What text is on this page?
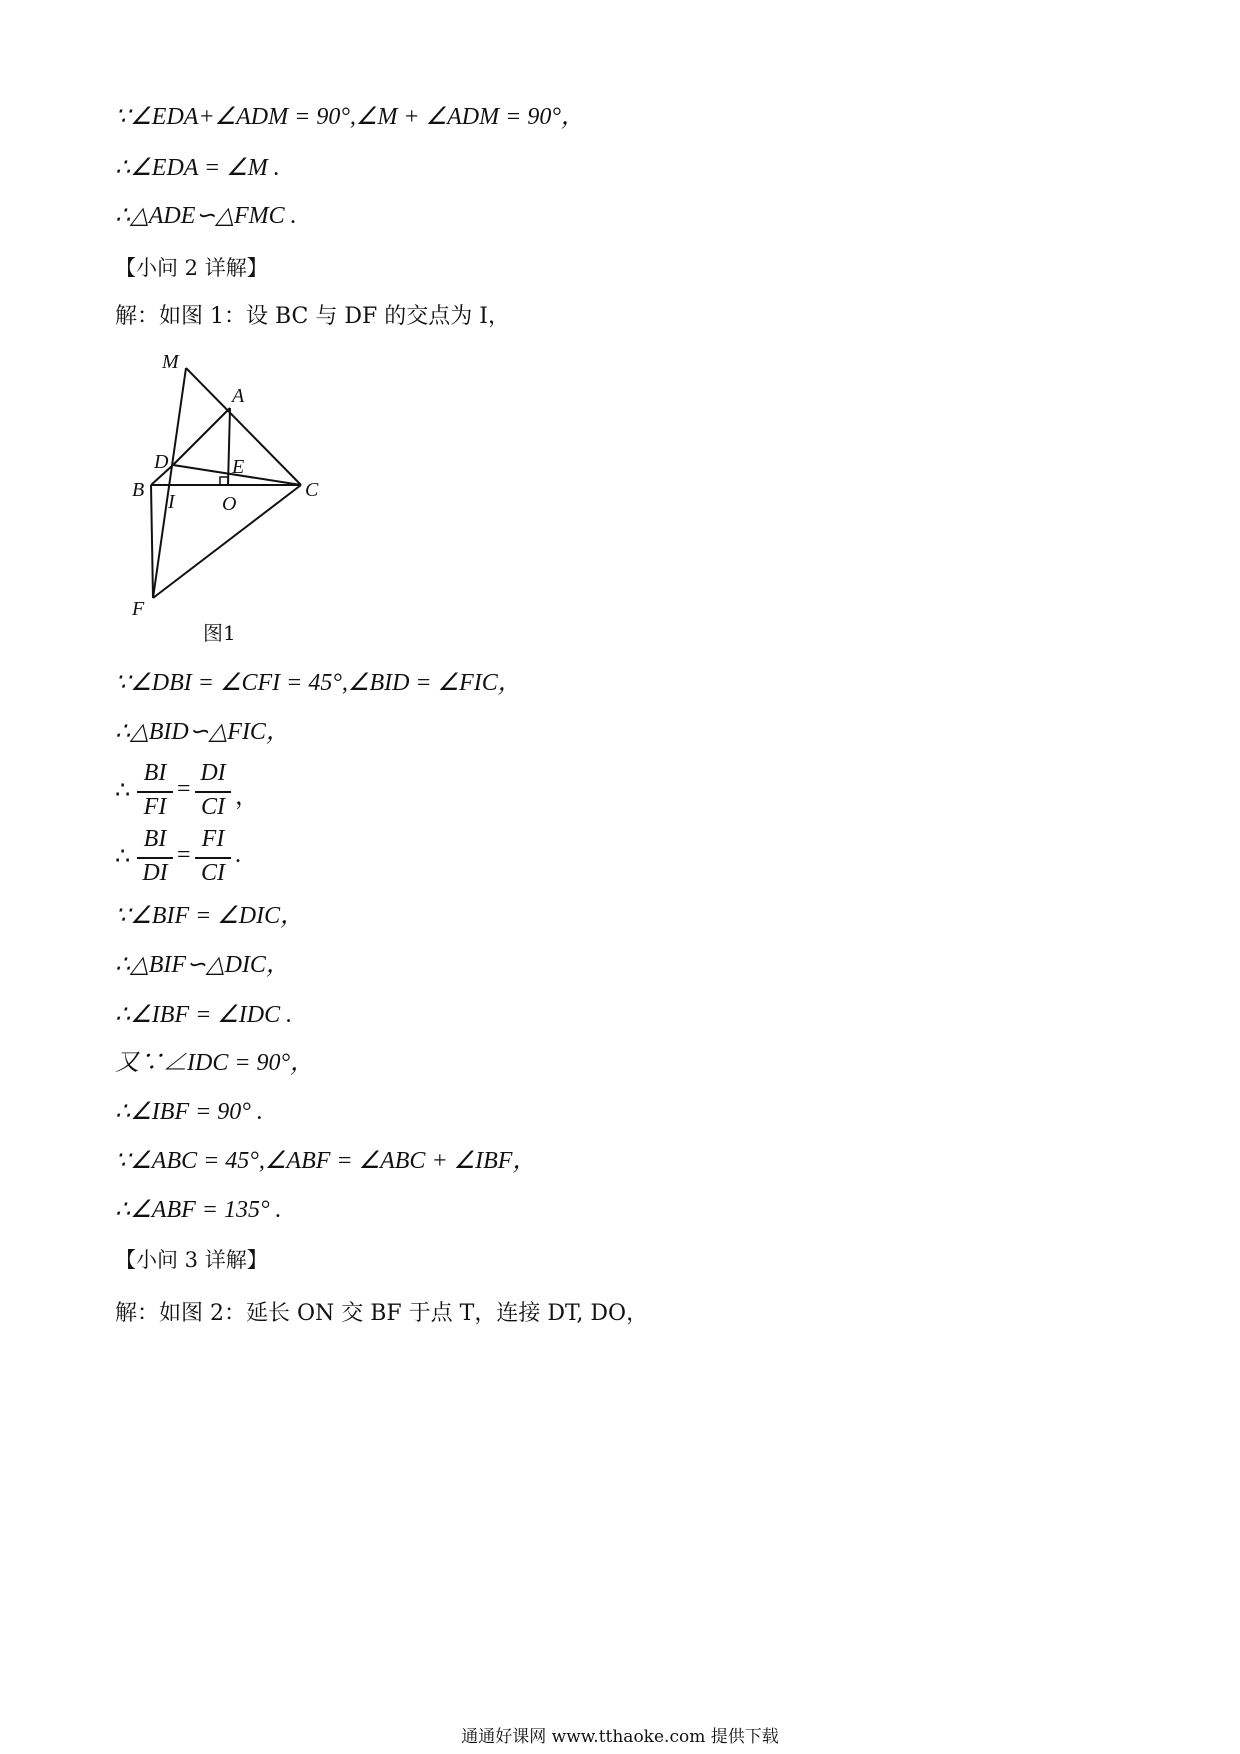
∵∠EDA+∠ADM = 90°,∠M + ∠ADM = 90°，
∴∠EDA = ∠M .
∴△ADE∽△FMC .
【小问 2 详解】
解：如图 1：设 BC 与 DF 的交点为 I，
M
A
D	E
B
I O
C
F
图1
∵∠DBI = ∠CFI = 45°,∠BID = ∠FIC，
∴△BID∽△FIC，
∴
BI
FI
=
DI
CI ，
∴
BI
DI
=
FI
CI
.
∵∠BIF = ∠DIC，
∴△BIF∽△DIC，
∴∠IBF = ∠IDC .
又∵∠IDC = 90°，
∴∠IBF = 90° .
∵∠ABC = 45°,∠ABF = ∠ABC + ∠IBF，
∴∠ABF = 135° .
【小问 3 详解】
解：如图 2：延长 ON 交 BF 于点 T，连接 DT, DO，
通通好课网 www.tthaoke.com 提供下载
